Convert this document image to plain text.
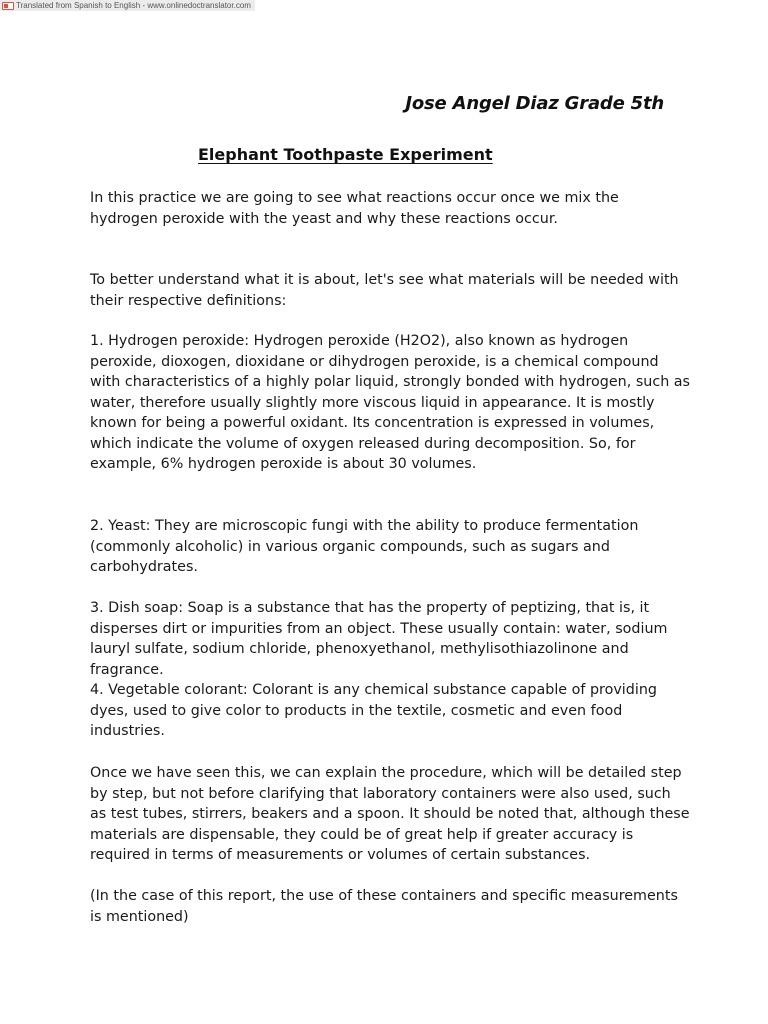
Translated from Spanish to English - www.onlinedoctranslator.com
Jose Angel Diaz Grade 5th
Elephant Toothpaste Experiment

In this practice we are going to see what reactions occur once we mix the hydrogen peroxide with the yeast and why these reactions occur.

To better understand what it is about, let's see what materials will be needed with their respective definitions:

1. Hydrogen peroxide: Hydrogen peroxide (H2O2), also known as hydrogen peroxide, dioxogen, dioxidane or dihydrogen peroxide, is a chemical compound with characteristics of a highly polar liquid, strongly bonded with hydrogen, such as water, therefore usually slightly more viscous liquid in appearance. It is mostly known for being a powerful oxidant. Its concentration is expressed in volumes, which indicate the volume of oxygen released during decomposition. So, for example, 6% hydrogen peroxide is about 30 volumes.

2. Yeast: They are microscopic fungi with the ability to produce fermentation (commonly alcoholic) in various organic compounds, such as sugars and carbohydrates.

3. Dish soap: Soap is a substance that has the property of peptizing, that is, it disperses dirt or impurities from an object. These usually contain: water, sodium lauryl sulfate, sodium chloride, phenoxyethanol, methylisothiazolinone and fragrance.

4. Vegetable colorant: Colorant is any chemical substance capable of providing dyes, used to give color to products in the textile, cosmetic and even food industries.

Once we have seen this, we can explain the procedure, which will be detailed step by step, but not before clarifying that laboratory containers were also used, such as test tubes, stirrers, beakers and a spoon. It should be noted that, although these materials are dispensable, they could be of great help if greater accuracy is required in terms of measurements or volumes of certain substances.

(In the case of this report, the use of these containers and specific measurements is mentioned)
